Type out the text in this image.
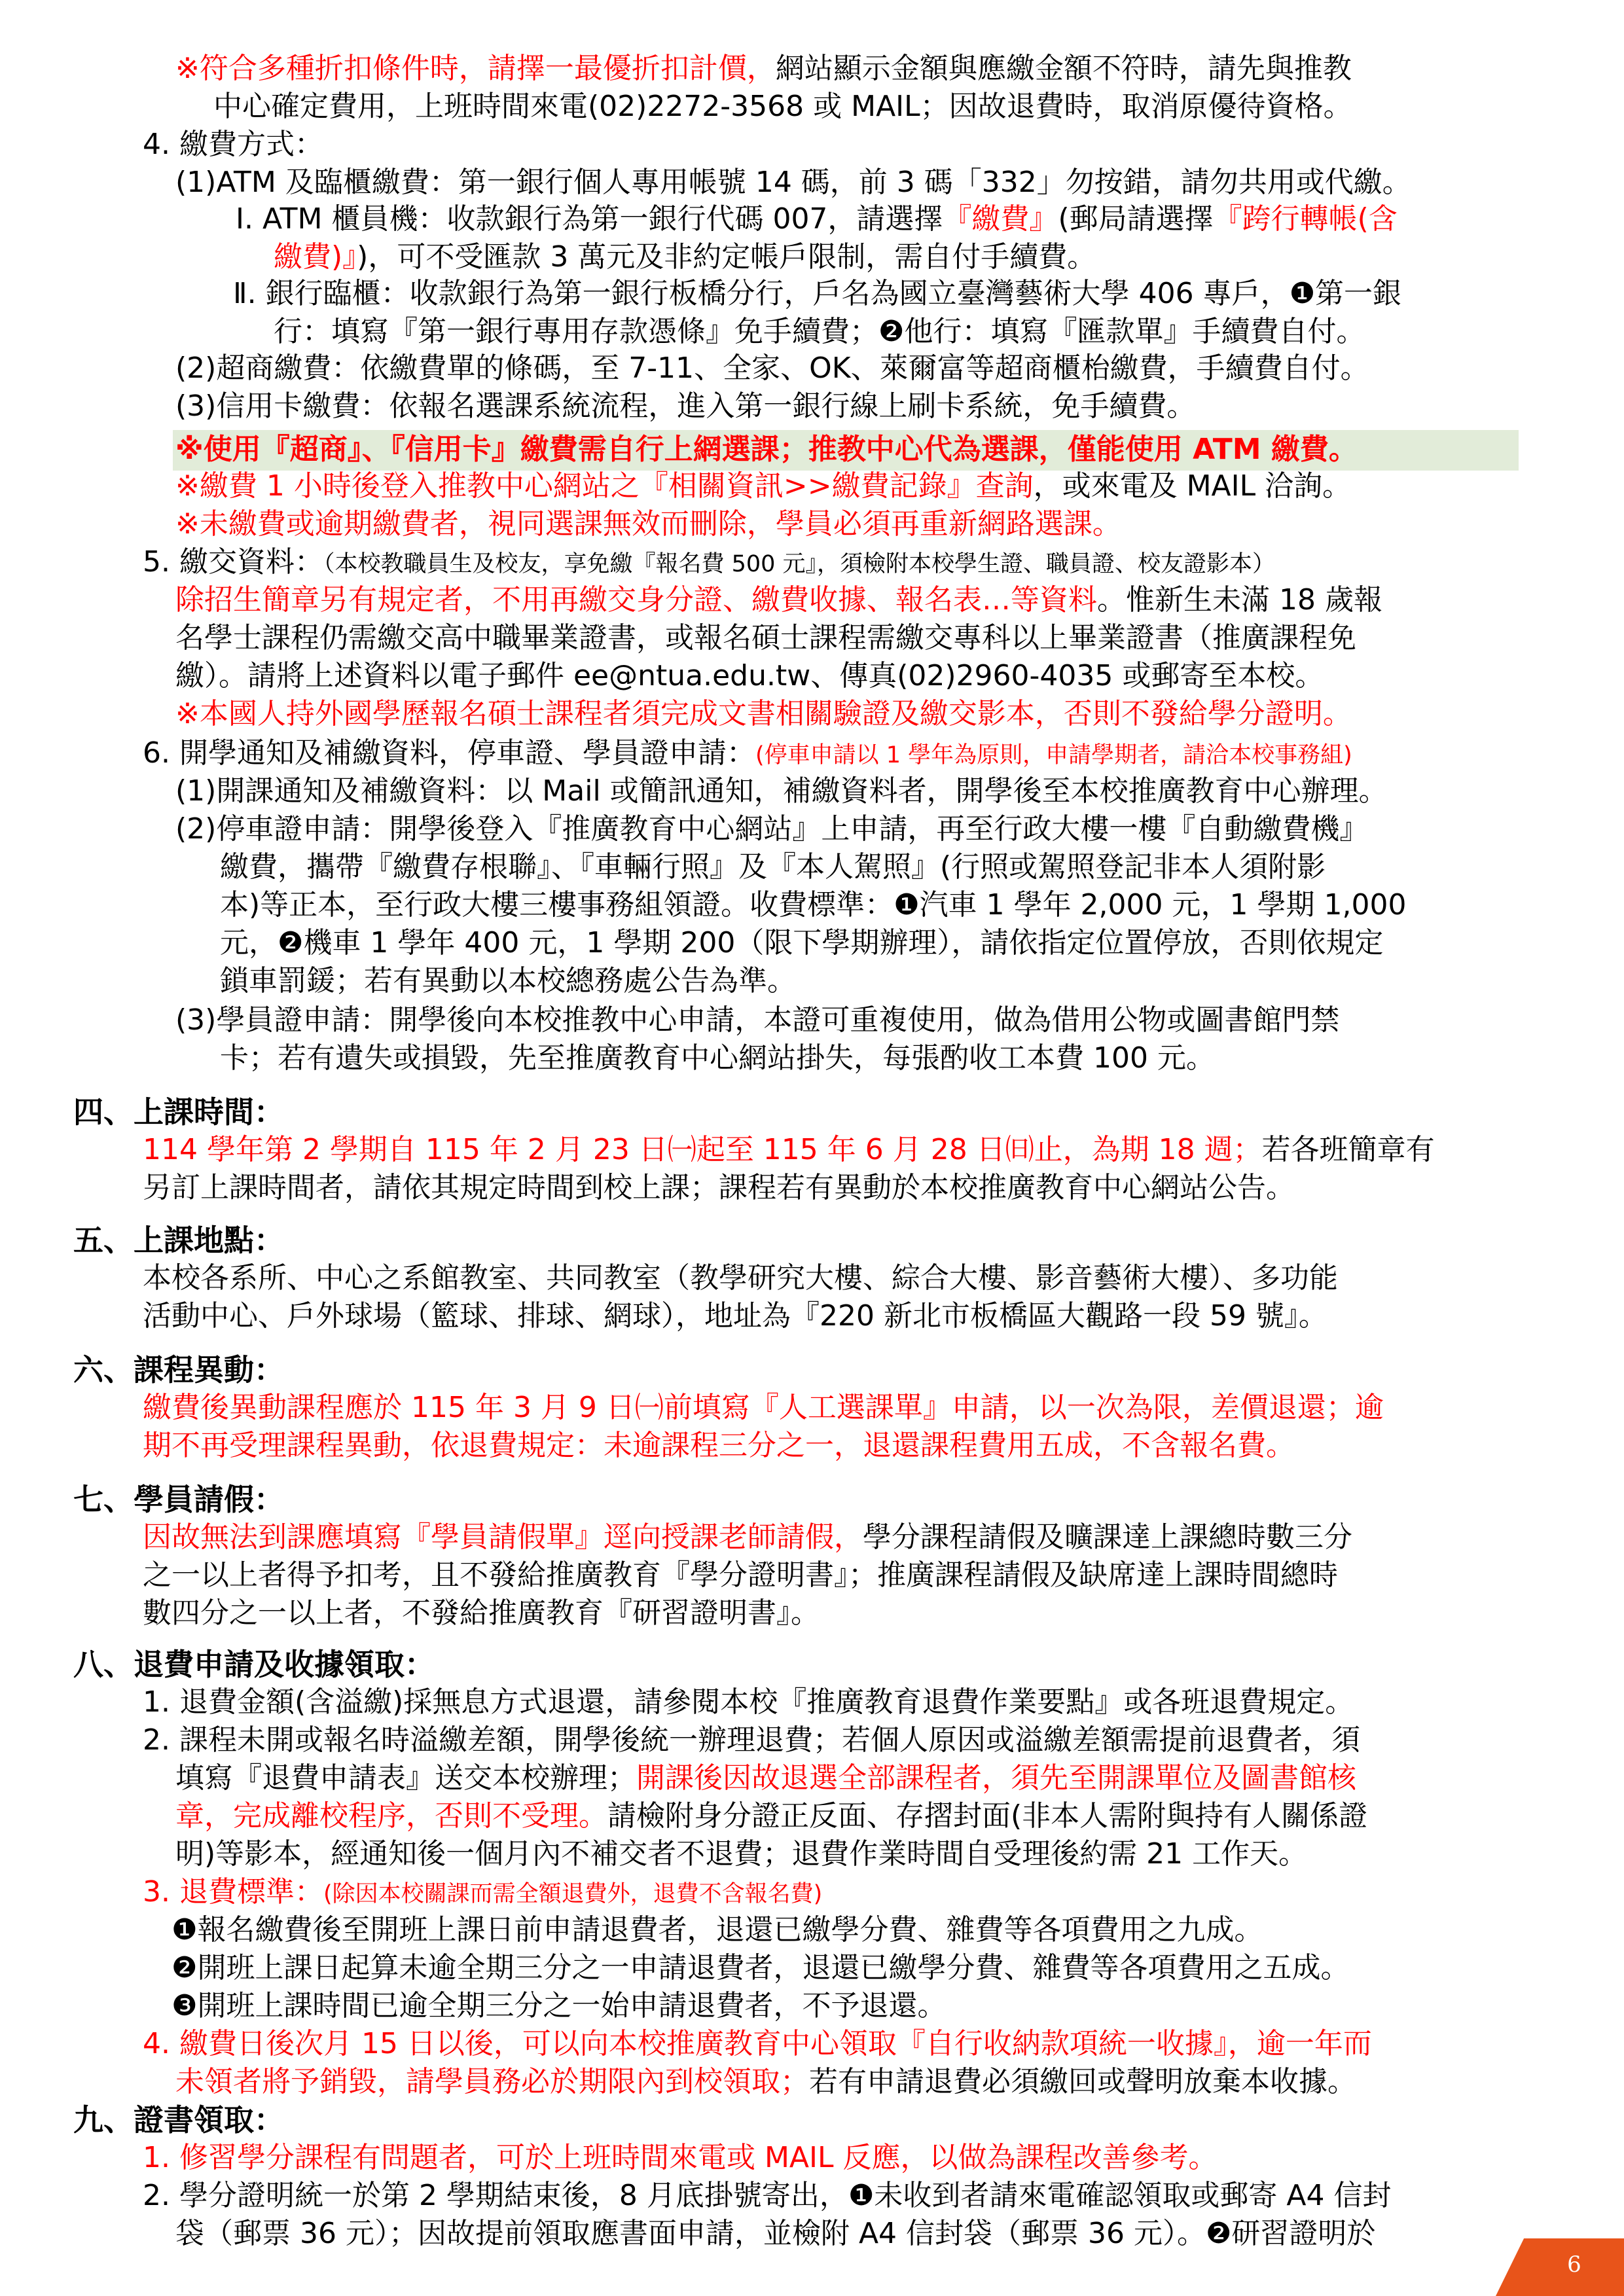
※符合多種折扣條件時，請擇一最優折扣計價，網站顯示金額與應繳金額不符時，請先與推教
中心確定費用，上班時間來電(02)2272-3568 或 MAIL；因故退費時，取消原優待資格。
4. 繳費方式：
(1)ATM 及臨櫃繳費：第一銀行個人專用帳號 14 碼，前 3 碼「332」勿按錯，請勿共用或代繳。
Ⅰ. ATM 櫃員機：收款銀行為第一銀行代碼 007，請選擇『繳費』(郵局請選擇『跨行轉帳(含
繳費)』)，可不受匯款 3 萬元及非約定帳戶限制，需自付手續費。
Ⅱ. 銀行臨櫃：收款銀行為第一銀行板橋分行，戶名為國立臺灣藝術大學 406 專戶，❶第一銀
行：填寫『第一銀行專用存款憑條』免手續費；❷他行：填寫『匯款單』手續費自付。
(2)超商繳費：依繳費單的條碼，至 7-11、全家、OK、萊爾富等超商櫃枱繳費，手續費自付。
(3)信用卡繳費：依報名選課系統流程，進入第一銀行線上刷卡系統，免手續費。
※使用『超商』、『信用卡』繳費需自行上網選課；推教中心代為選課，僅能使用 ATM 繳費。
※繳費 1 小時後登入推教中心網站之『相關資訊>>繳費記錄』查詢，或來電及 MAIL 洽詢。
※未繳費或逾期繳費者，視同選課無效而刪除，學員必須再重新網路選課。
5. 繳交資料：（本校教職員生及校友，享免繳『報名費 500 元』，須檢附本校學生證、職員證、校友證影本）
除招生簡章另有規定者，不用再繳交身分證、繳費收據、報名表…等資料。惟新生未滿 18 歲報
名學士課程仍需繳交高中職畢業證書，或報名碩士課程需繳交專科以上畢業證書（推廣課程免
繳）。請將上述資料以電子郵件 ee@ntua.edu.tw、傳真(02)2960-4035 或郵寄至本校。
※本國人持外國學歷報名碩士課程者須完成文書相關驗證及繳交影本，否則不發給學分證明。
6. 開學通知及補繳資料，停車證、學員證申請：(停車申請以 1 學年為原則，申請學期者，請洽本校事務組)
(1)開課通知及補繳資料：以 Mail 或簡訊通知，補繳資料者，開學後至本校推廣教育中心辦理。
(2)停車證申請：開學後登入『推廣教育中心網站』上申請，再至行政大樓一樓『自動繳費機』
繳費，攜帶『繳費存根聯』、『車輛行照』及『本人駕照』(行照或駕照登記非本人須附影
本)等正本，至行政大樓三樓事務組領證。收費標準：❶汽車 1 學年 2,000 元，1 學期 1,000
元，❷機車 1 學年 400 元，1 學期 200（限下學期辦理），請依指定位置停放，否則依規定
鎖車罰鍰；若有異動以本校總務處公告為準。
(3)學員證申請：開學後向本校推教中心申請，本證可重複使用，做為借用公物或圖書館門禁
卡；若有遺失或損毀，先至推廣教育中心網站掛失，每張酌收工本費 100 元。
四、上課時間：
114 學年第 2 學期自 115 年 2 月 23 日㈠起至 115 年 6 月 28 日㈰止，為期 18 週；若各班簡章有
另訂上課時間者，請依其規定時間到校上課；課程若有異動於本校推廣教育中心網站公告。
五、上課地點：
本校各系所、中心之系館教室、共同教室（教學研究大樓、綜合大樓、影音藝術大樓）、多功能
活動中心、戶外球場（籃球、排球、網球），地址為『220 新北市板橋區大觀路一段 59 號』。
六、課程異動：
繳費後異動課程應於 115 年 3 月 9 日㈠前填寫『人工選課單』申請，以一次為限，差價退還；逾
期不再受理課程異動，依退費規定：未逾課程三分之一，退還課程費用五成，不含報名費。
七、學員請假：
因故無法到課應填寫『學員請假單』逕向授課老師請假，學分課程請假及曠課達上課總時數三分
之一以上者得予扣考，且不發給推廣教育『學分證明書』；推廣課程請假及缺席達上課時間總時
數四分之一以上者，不發給推廣教育『研習證明書』。
八、退費申請及收據領取：
1. 退費金額(含溢繳)採無息方式退還，請參閱本校『推廣教育退費作業要點』或各班退費規定。
2. 課程未開或報名時溢繳差額，開學後統一辦理退費；若個人原因或溢繳差額需提前退費者，須
填寫『退費申請表』送交本校辦理；開課後因故退選全部課程者，須先至開課單位及圖書館核
章，完成離校程序，否則不受理。請檢附身分證正反面、存摺封面(非本人需附與持有人關係證
明)等影本，經通知後一個月內不補交者不退費；退費作業時間自受理後約需 21 工作天。
3. 退費標準：(除因本校關課而需全額退費外，退費不含報名費)
❶報名繳費後至開班上課日前申請退費者，退還已繳學分費、雜費等各項費用之九成。
❷開班上課日起算未逾全期三分之一申請退費者，退還已繳學分費、雜費等各項費用之五成。
❸開班上課時間已逾全期三分之一始申請退費者，不予退還。
4. 繳費日後次月 15 日以後，可以向本校推廣教育中心領取『自行收納款項統一收據』，逾一年而
未領者將予銷毀，請學員務必於期限內到校領取；若有申請退費必須繳回或聲明放棄本收據。
九、證書領取：
1. 修習學分課程有問題者，可於上班時間來電或 MAIL 反應，以做為課程改善參考。
2. 學分證明統一於第 2 學期結束後，8 月底掛號寄出，❶未收到者請來電確認領取或郵寄 A4 信封
袋（郵票 36 元）；因故提前領取應書面申請，並檢附 A4 信封袋（郵票 36 元）。❷研習證明於
6
